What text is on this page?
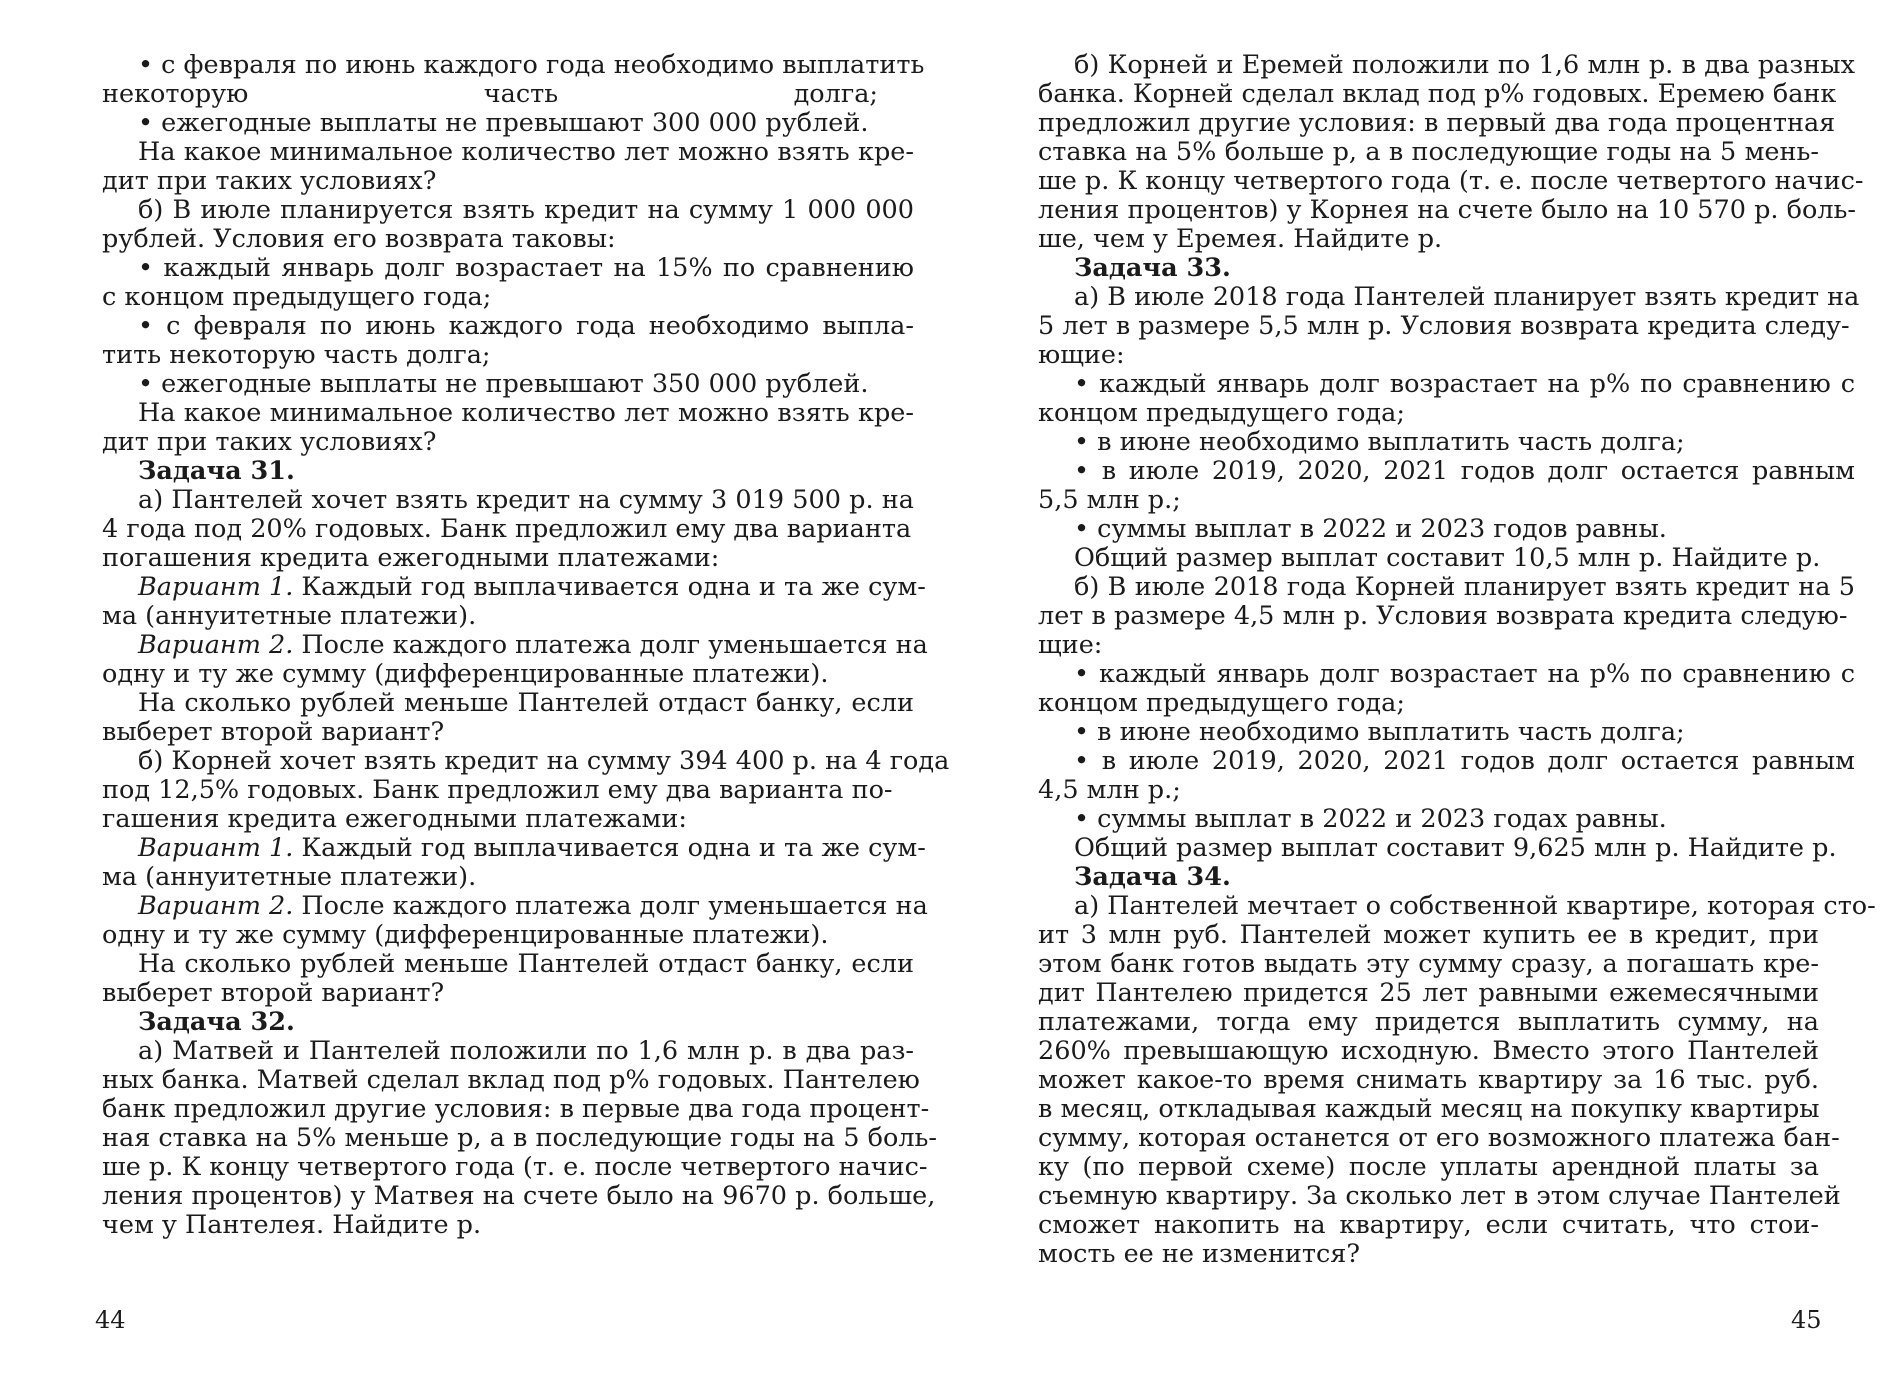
• с февраля по июнь каждого года необходимо выплатить

некоторую часть долга;

• ежегодные выплаты не превышают 300 000 рублей.

На какое минимальное количество лет можно взять кре-

дит при таких условиях?

б) В июле планируется взять кредит на сумму 1 000 000

рублей. Условия его возврата таковы:

• каждый январь долг возрастает на 15% по сравнению

с концом предыдущего года;

• с февраля по июнь каждого года необходимо выпла-

тить некоторую часть долга;

• ежегодные выплаты не превышают 350 000 рублей.

На какое минимальное количество лет можно взять кре-

дит при таких условиях?

Задача 31.

а) Пантелей хочет взять кредит на сумму 3 019 500 р. на

4 года под 20% годовых. Банк предложил ему два варианта

погашения кредита ежегодными платежами:

Вариант 1. Каждый год выплачивается одна и та же сум-

ма (аннуитетные платежи).

Вариант 2. После каждого платежа долг уменьшается на

одну и ту же сумму (дифференцированные платежи).

На сколько рублей меньше Пантелей отдаст банку, если

выберет второй вариант?

б) Корней хочет взять кредит на сумму 394 400 р. на 4 года

под 12,5% годовых. Банк предложил ему два варианта по-

гашения кредита ежегодными платежами:

Вариант 1. Каждый год выплачивается одна и та же сум-

ма (аннуитетные платежи).

Вариант 2. После каждого платежа долг уменьшается на

одну и ту же сумму (дифференцированные платежи).

На сколько рублей меньше Пантелей отдаст банку, если

выберет второй вариант?

Задача 32.

а) Матвей и Пантелей положили по 1,6 млн р. в два раз-

ных банка. Матвей сделал вклад под p% годовых. Пантелею

банк предложил другие условия: в первые два года процент-

ная ставка на 5% меньше p, а в последующие годы на 5 боль-

ше p. К концу четвертого года (т. е. после четвертого начис-

ления процентов) у Матвея на счете было на 9670 р. больше,

чем у Пантелея. Найдите p.

44

б) Корней и Еремей положили по 1,6 млн р. в два разных

банка. Корней сделал вклад под p% годовых. Еремею банк

предложил другие условия: в первый два года процентная

ставка на 5% больше p, а в последующие годы на 5 мень-

ше p. К концу четвертого года (т. е. после четвертого начис-

ления процентов) у Корнея на счете было на 10 570 р. боль-

ше, чем у Еремея. Найдите p.

Задача 33.

а) В июле 2018 года Пантелей планирует взять кредит на

5 лет в размере 5,5 млн р. Условия возврата кредита следу-

ющие:

• каждый январь долг возрастает на p% по сравнению с

концом предыдущего года;

• в июне необходимо выплатить часть долга;

• в июле 2019, 2020, 2021 годов долг остается равным

5,5 млн р.;

• суммы выплат в 2022 и 2023 годов равны.

Общий размер выплат составит 10,5 млн р. Найдите p.

б) В июле 2018 года Корней планирует взять кредит на 5

лет в размере 4,5 млн р. Условия возврата кредита следую-

щие:

• каждый январь долг возрастает на p% по сравнению с

концом предыдущего года;

• в июне необходимо выплатить часть долга;

• в июле 2019, 2020, 2021 годов долг остается равным

4,5 млн р.;

• суммы выплат в 2022 и 2023 годах равны.

Общий размер выплат составит 9,625 млн р. Найдите p.

Задача 34.

а) Пантелей мечтает о собственной квартире, которая сто-

ит 3 млн руб. Пантелей может купить ее в кредит, при

этом банк готов выдать эту сумму сразу, а погашать кре-

дит Пантелею придется 25 лет равными ежемесячными

платежами, тогда ему придется выплатить сумму, на

260% превышающую исходную. Вместо этого Пантелей

может какое-то время снимать квартиру за 16 тыс. руб.

в месяц, откладывая каждый месяц на покупку квартиры

сумму, которая останется от его возможного платежа бан-

ку (по первой схеме) после уплаты арендной платы за

съемную квартиру. За сколько лет в этом случае Пантелей

сможет накопить на квартиру, если считать, что стои-

мость ее не изменится?

45
